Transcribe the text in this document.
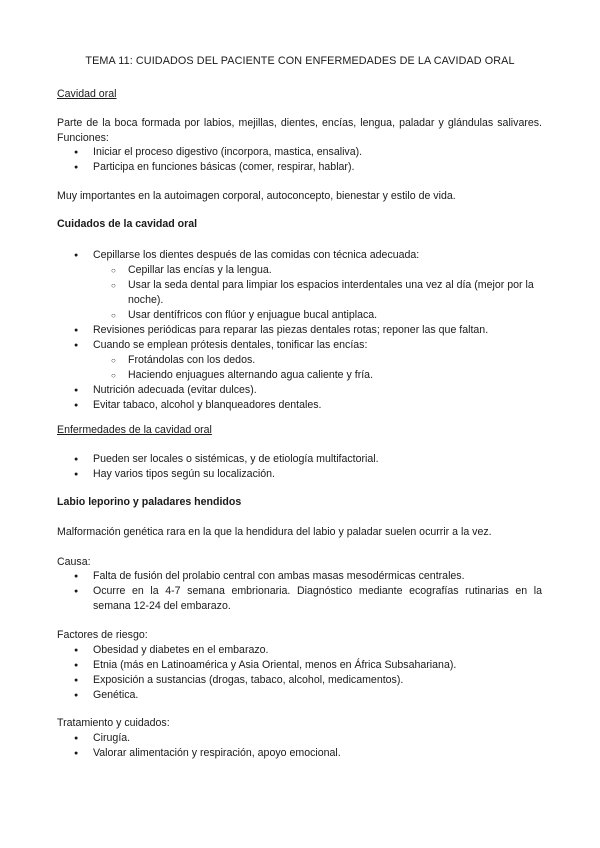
TEMA 11: CUIDADOS DEL PACIENTE CON ENFERMEDADES DE LA CAVIDAD ORAL
Cavidad oral
Parte de la boca formada por labios, mejillas, dientes, encías, lengua, paladar y glándulas salivares. Funciones:
● Iniciar el proceso digestivo (incorpora, mastica, ensaliva).
● Participa en funciones básicas (comer, respirar, hablar).
Muy importantes en la autoimagen corporal, autoconcepto, bienestar y estilo de vida.
Cuidados de la cavidad oral
● Cepillarse los dientes después de las comidas con técnica adecuada:
○ Cepillar las encías y la lengua.
○ Usar la seda dental para limpiar los espacios interdentales una vez al día (mejor por la noche).
○ Usar dentífricos con flúor y enjuague bucal antiplaca.
● Revisiones periódicas para reparar las piezas dentales rotas; reponer las que faltan.
● Cuando se emplean prótesis dentales, tonificar las encías:
○ Frotándolas con los dedos.
○ Haciendo enjuagues alternando agua caliente y fría.
● Nutrición adecuada (evitar dulces).
● Evitar tabaco, alcohol y blanqueadores dentales.
Enfermedades de la cavidad oral
● Pueden ser locales o sistémicas, y de etiología multifactorial.
● Hay varios tipos según su localización.
Labio leporino y paladares hendidos
Malformación genética rara en la que la hendidura del labio y paladar suelen ocurrir a la vez.
Causa:
● Falta de fusión del prolabio central con ambas masas mesodérmicas centrales.
● Ocurre en la 4-7 semana embrionaria. Diagnóstico mediante ecografías rutinarias en la semana 12-24 del embarazo.
Factores de riesgo:
● Obesidad y diabetes en el embarazo.
● Etnia (más en Latinoamérica y Asia Oriental, menos en África Subsahariana).
● Exposición a sustancias (drogas, tabaco, alcohol, medicamentos).
● Genética.
Tratamiento y cuidados:
● Cirugía.
● Valorar alimentación y respiración, apoyo emocional.
